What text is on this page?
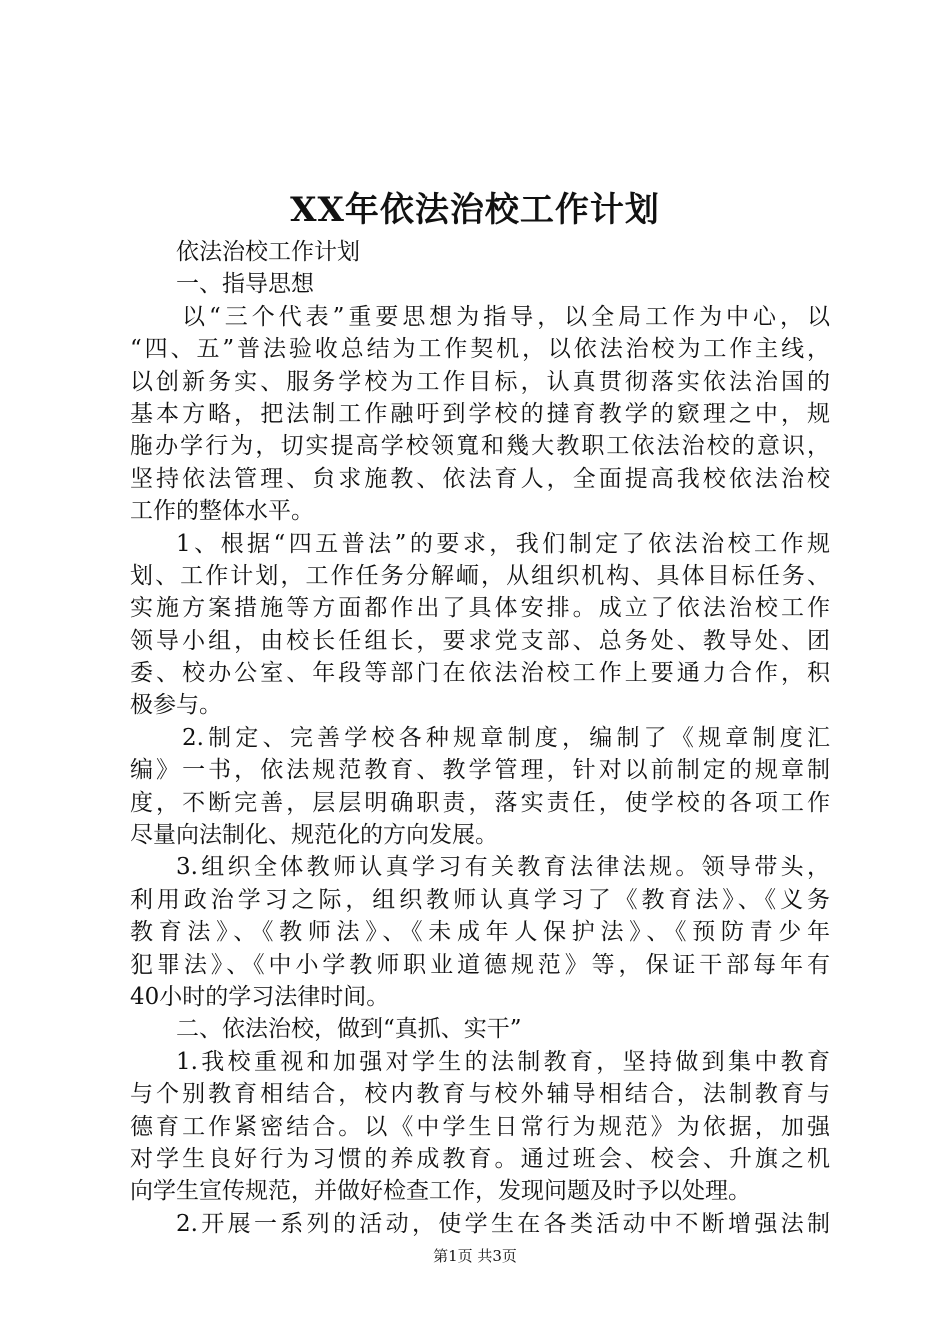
XX年依法治校工作计划
依法治校工作计划
一、指导思想
以“三个代表”重要思想为指导，以全局工作为中心，以
“四、五”普法验收总结为工作契机，以依法治校为工作主线，
以创新务实、服务学校为工作目标，认真贯彻落实依法治国的
基本方略，把法制工作融吁到学校的撻育教学的窽理之中，规
胣办学行为，切实提高学校领寬和幾大教职工依法治校的意识，
坚持依法管理、贠求施教、依法育人，全面提高我校依法治校
工作的整体水平。
1、根据“四五普法”的要求，我们制定了依法治校工作规
划、工作计划，工作任务分解峏，从组织机构、具体目标任务、
实施方案措施等方面都作出了具体安排。成立了依法治校工作
领导小组，由校长任组长，要求党支部、总务处、教导处、团
委、校办公室、年段等部门在依法治校工作上要通力合作，积
极参与。
2.制定、完善学校各种规章制度，编制了《规章制度汇
编》一书，依法规范教育、教学管理，针对以前制定的规章制
度，不断完善，层层明确职责，落实责任，使学校的各项工作
尽量向法制化、规范化的方向发展。
3.组织全体教师认真学习有关教育法律法规。领导带头，
利用政治学习之际，组织教师认真学习了《教育法》、《义务
教育法》、《教师法》、《未成年人保护法》、《预防青少年
犯罪法》、《中小学教师职业道德规范》等，保证干部每年有
40小时的学习法律时间。
二、依法治校，做到“真抓、实干”
1.我校重视和加强对学生的法制教育，坚持做到集中教育
与个别教育相结合，校内教育与校外辅导相结合，法制教育与
德育工作紧密结合。以《中学生日常行为规范》为依据，加强
对学生良好行为习惯的养成教育。通过班会、校会、升旗之机
向学生宣传规范，并做好检查工作，发现问题及时予以处理。
2.开展一系列的活动，使学生在各类活动中不断增强法制
第1页 共3页
